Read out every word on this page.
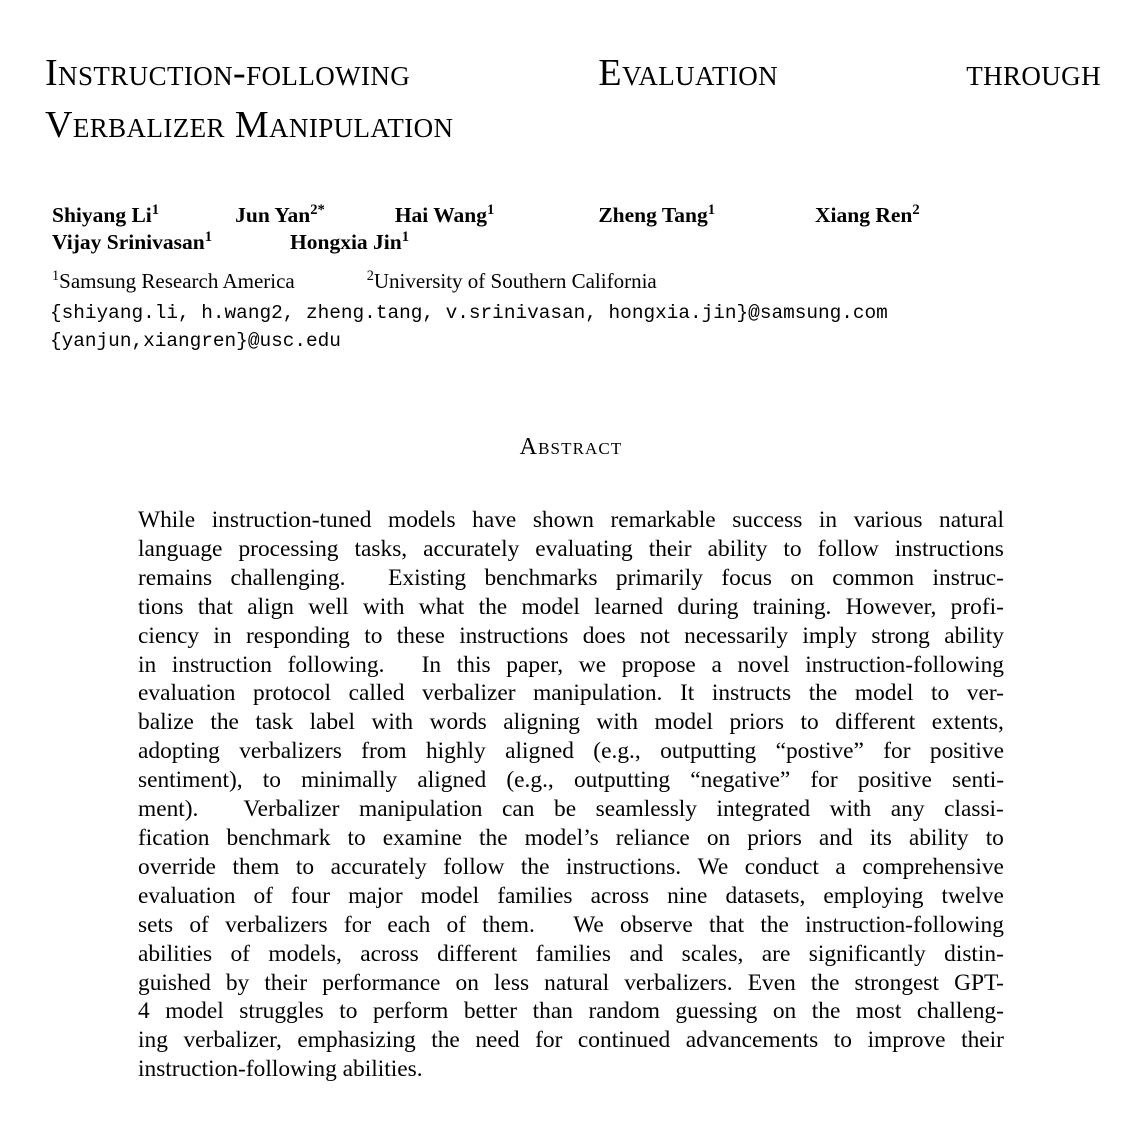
Instruction-following	Evaluation	through
Verbalizer Manipulation
Shiyang Li$^1$	Jun Yan$^{2*}$	Hai Wang$^1$	Zheng Tang$^1$	Xiang Ren$^2$
Vijay Srinivasan$^1$	Hongxia Jin$^1$
$^1$Samsung Research America	$^2$University of Southern California
{shiyang.li, h.wang2, zheng.tang, v.srinivasan, hongxia.jin}@samsung.com
{yanjun,xiangren}@usc.edu
Abstract
While instruction-tuned models have shown remarkable success in various natural
language processing tasks, accurately evaluating their ability to follow instructions
remains challenging.
Existing benchmarks primarily focus on common instruc-
tions that align well with what the model learned during training. However, profi-
ciency in responding to these instructions does not necessarily imply strong ability
in instruction following.
In this paper, we propose a novel instruction-following
evaluation protocol called verbalizer manipulation. It instructs the model to ver-
balize the task label with words aligning with model priors to different extents,
adopting verbalizers from highly aligned (e.g., outputting “postive” for positive
sentiment), to minimally aligned (e.g., outputting “negative” for positive senti-
ment).
Verbalizer manipulation can be seamlessly integrated with any classi-
fication benchmark to examine the model’s reliance on priors and its ability to
override them to accurately follow the instructions. We conduct a comprehensive
evaluation of four major model families across nine datasets, employing twelve
sets of verbalizers for each of them.
We observe that the instruction-following
abilities of models, across different families and scales, are significantly distin-
guished by their performance on less natural verbalizers. Even the strongest GPT-
4 model struggles to perform better than random guessing on the most challeng-
ing verbalizer, emphasizing the need for continued advancements to improve their
instruction-following abilities.
